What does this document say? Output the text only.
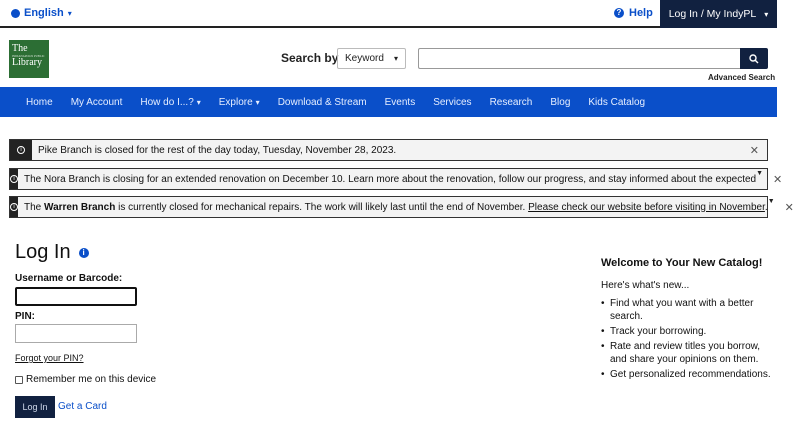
English ▾	? Help Log In / My IndyPL ▾
The
INDIANAPOLIS PUBLIC
Library	Search by Keyword ▾
Advanced Search
Home My Account How do I...? ▾ Explore ▾ Download & Stream Events Services Research Blog Kids Catalog
i	Pike Branch is closed for the rest of the day today, Tuesday, November 28, 2023.	✕
i The Nora Branch is closing for an extended renovation on December 10. Learn more about the renovation, follow our progress, and stay informed about the expected
▼
✕
i The Warren Branch is currently closed for mechanical repairs. The work will likely last until the end of November. Please check our website before visiting in November.
▼
✕
Log In	i
Username or Barcode:
PIN:
Forgot your PIN?
Remember me on this device
Log In	Get a Card
Welcome to Your New Catalog!
Here's what's new...
• Find what you want with a better search.
• Track your borrowing.
• Rate and review titles you borrow, and share your opinions on them.
• Get personalized recommendations.
